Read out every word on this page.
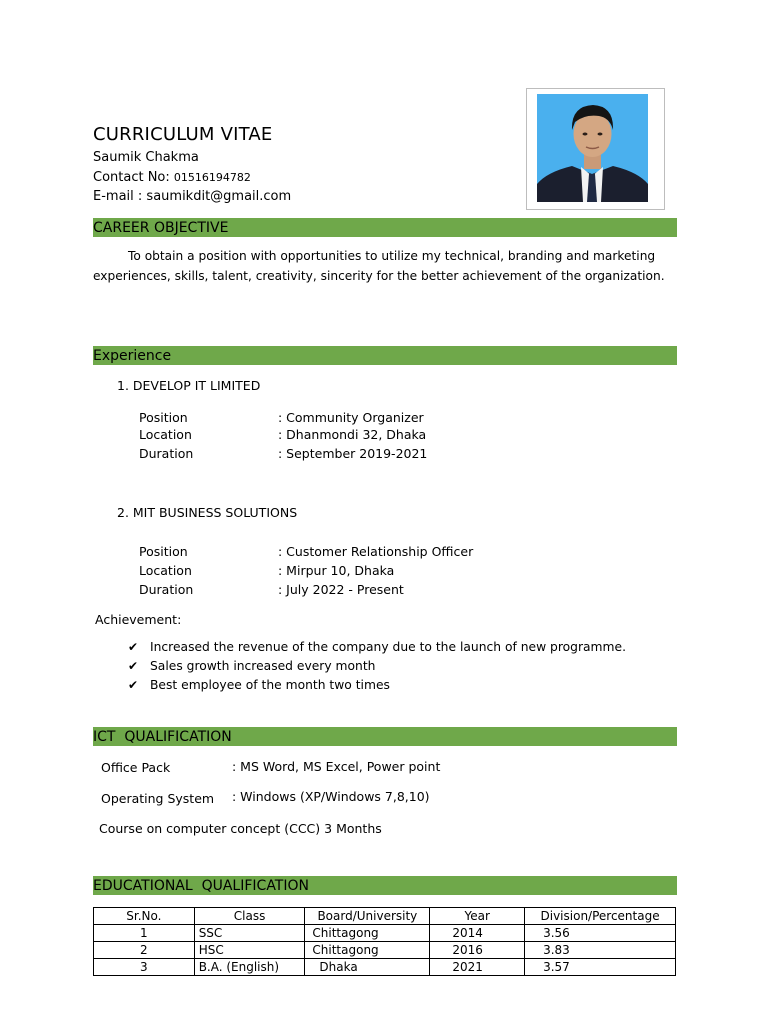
CURRICULUM VITAE
Saumik Chakma
Contact No: 01516194782
E-mail : saumikdit@gmail.com
CAREER OBJECTIVE
To obtain a position with opportunities to utilize my technical, branding and marketing experiences, skills, talent, creativity, sincerity for the better achievement of the organization.
Experience
1. DEVELOP IT LIMITED
Position	: Community Organizer
Location	: Dhanmondi 32, Dhaka
Duration	: September 2019-2021
2. MIT BUSINESS SOLUTIONS
Position	: Customer Relationship Officer
Location	: Mirpur 10, Dhaka
Duration	: July 2022 - Present
Achievement:
✔ Increased the revenue of the company due to the launch of new programme.
✔ Sales growth increased every month
✔ Best employee of the month two times
ICT  QUALIFICATION
Office Pack	: MS Word, MS Excel, Power point
Operating System : Windows (XP/Windows 7,8,10)
Course on computer concept (CCC) 3 Months
EDUCATIONAL  QUALIFICATION
Sr.No.	Class	Board/University	Year	Division/Percentage
1	SSC	Chittagong	2014	3.56
2	HSC	Chittagong	2016	3.83
3	B.A. (English)	Dhaka	2021	3.57
